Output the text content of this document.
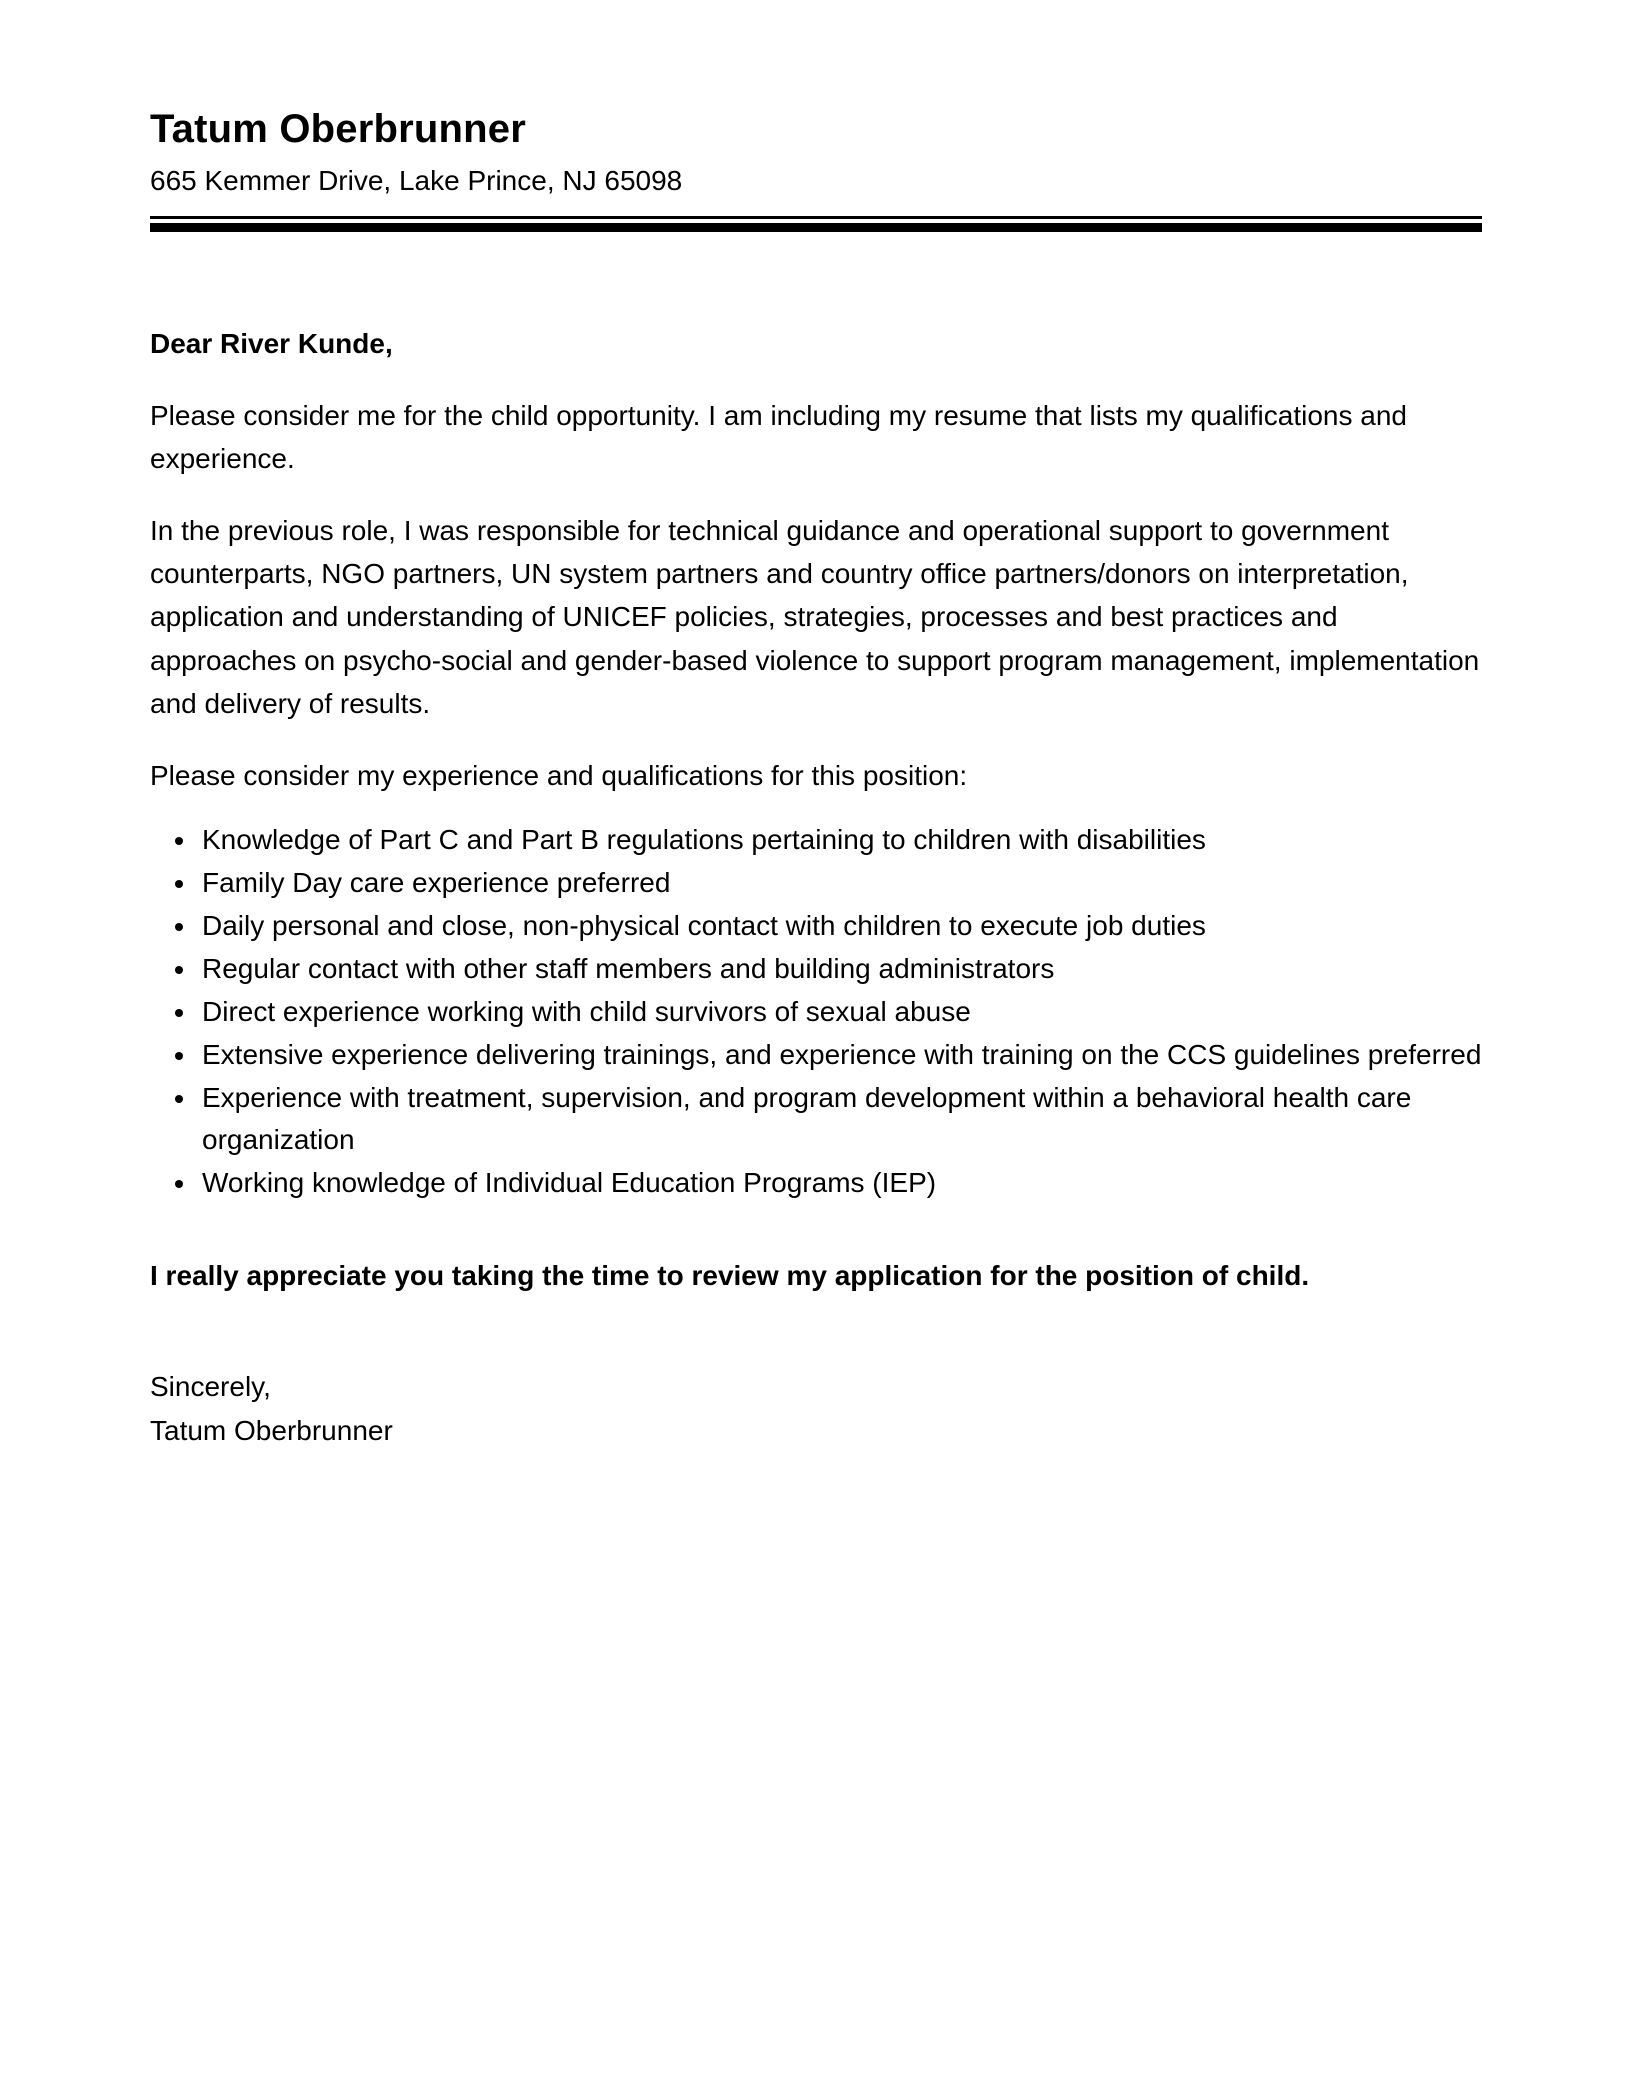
Tatum Oberbrunner
665 Kemmer Drive, Lake Prince, NJ 65098
Dear River Kunde,
Please consider me for the child opportunity. I am including my resume that lists my qualifications and experience.
In the previous role, I was responsible for technical guidance and operational support to government counterparts, NGO partners, UN system partners and country office partners/donors on interpretation, application and understanding of UNICEF policies, strategies, processes and best practices and approaches on psycho-social and gender-based violence to support program management, implementation and delivery of results.
Please consider my experience and qualifications for this position:
• Knowledge of Part C and Part B regulations pertaining to children with disabilities
• Family Day care experience preferred
• Daily personal and close, non-physical contact with children to execute job duties
• Regular contact with other staff members and building administrators
• Direct experience working with child survivors of sexual abuse
• Extensive experience delivering trainings, and experience with training on the CCS guidelines preferred
• Experience with treatment, supervision, and program development within a behavioral health care organization
• Working knowledge of Individual Education Programs (IEP)
I really appreciate you taking the time to review my application for the position of child.
Sincerely,
Tatum Oberbrunner
